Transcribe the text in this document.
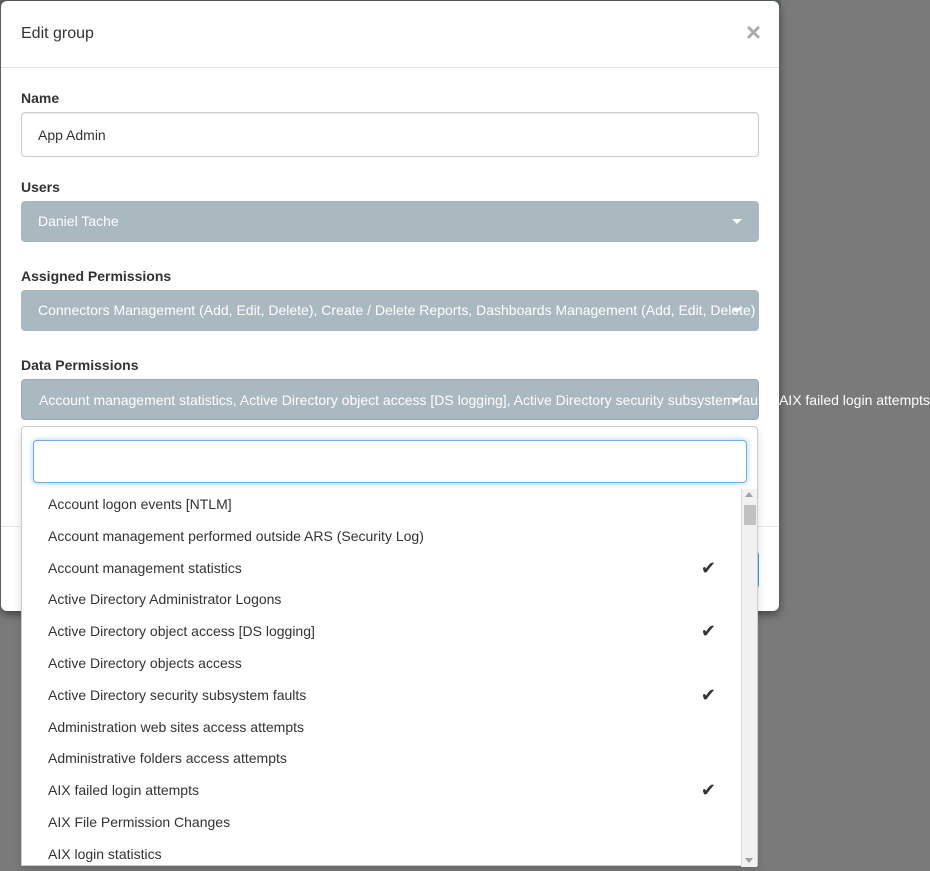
Edit group	×
Name
App Admin
Users
Daniel Tache
Assigned Permissions
Connectors Management (Add, Edit, Delete), Create / Delete Reports, Dashboards Management (Add, Edit, Delete)
Data Permissions
Account management statistics, Active Directory object access [DS logging], Active Directory security subsystem faults, AIX failed login attempts
Account logon events [NTLM]
Account management performed outside ARS (Security Log)
Account management statistics	✔
Active Directory Administrator Logons
Active Directory object access [DS logging]	✔
Active Directory objects access
Active Directory security subsystem faults	✔
Administration web sites access attempts
Administrative folders access attempts
AIX failed login attempts	✔
AIX File Permission Changes
AIX login statistics
